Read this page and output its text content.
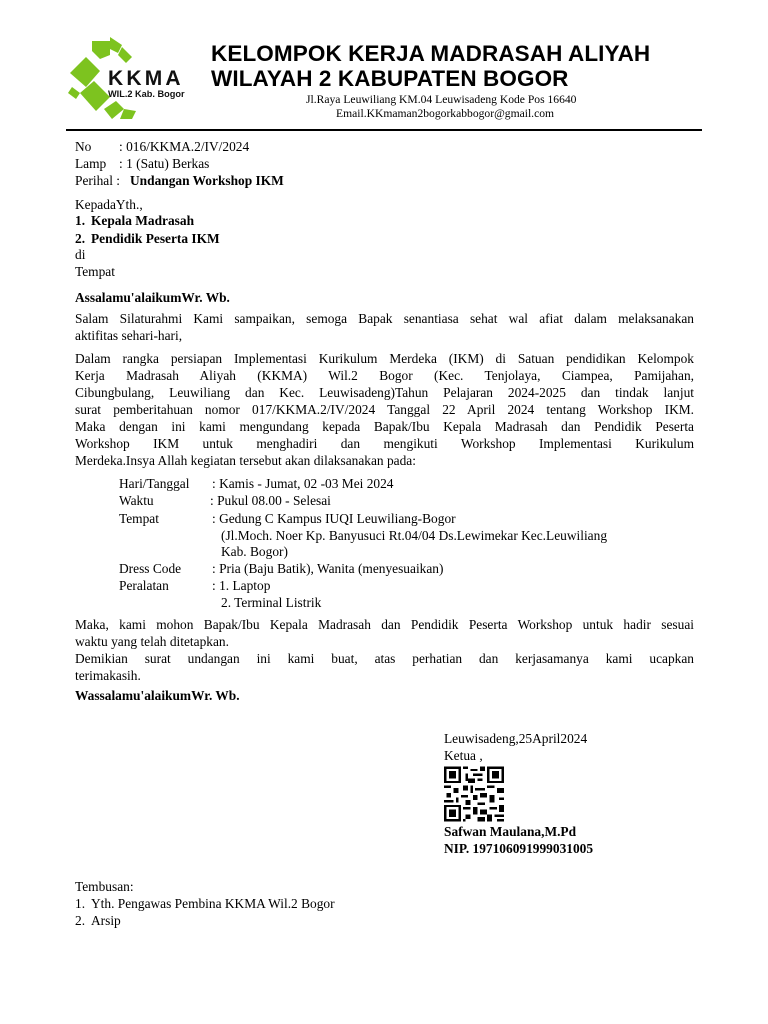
KKMA
WIL.2 Kab. Bogor
KELOMPOK KERJA MADRASAH ALIYAH
WILAYAH 2 KABUPATEN BOGOR
Jl.Raya Leuwiliang KM.04 Leuwisadeng Kode Pos 16640
Email.KKmaman2bogorkabbogor@gmail.com
No : 016/KKMA.2/IV/2024
Lamp : 1 (Satu) Berkas
Perihal : Undangan Workshop IKM
KepadaYth.,
1. Kepala Madrasah
2. Pendidik Peserta IKM
di
Tempat
Assalamu'alaikumWr. Wb.
Salam Silaturahmi Kami sampaikan, semoga Bapak senantiasa sehat wal afiat dalam melaksanakan
aktifitas sehari-hari,
Dalam rangka persiapan Implementasi Kurikulum Merdeka (IKM) di Satuan pendidikan Kelompok
Kerja Madrasah Aliyah (KKMA) Wil.2 Bogor (Kec. Tenjolaya, Ciampea, Pamijahan,
Cibungbulang, Leuwiliang dan Kec. Leuwisadeng)Tahun Pelajaran 2024-2025 dan tindak lanjut
surat pemberitahuan nomor 017/KKMA.2/IV/2024 Tanggal 22 April 2024 tentang Workshop IKM.
Maka dengan ini kami mengundang kepada Bapak/Ibu Kepala Madrasah dan Pendidik Peserta
Workshop IKM untuk menghadiri dan mengikuti Workshop Implementasi Kurikulum
Merdeka.Insya Allah kegiatan tersebut akan dilaksanakan pada:
Hari/Tanggal : Kamis - Jumat, 02 -03 Mei 2024
Waktu	: Pukul 08.00 - Selesai
Tempat	: Gedung C Kampus IUQI Leuwiliang-Bogor
(Jl.Moch. Noer Kp. Banyusuci Rt.04/04 Ds.Lewimekar Kec.Leuwiliang
Kab. Bogor)
Dress Code : Pria (Baju Batik), Wanita (menyesuaikan)
Peralatan	: 1. Laptop
2. Terminal Listrik
Maka, kami mohon Bapak/Ibu Kepala Madrasah dan Pendidik Peserta Workshop untuk hadir sesuai
waktu yang telah ditetapkan.
Demikian surat undangan ini kami buat, atas perhatian dan kerjasamanya kami ucapkan
terimakasih.
Wassalamu'alaikumWr. Wb.
Leuwisadeng,25April2024
Ketua ,
Safwan Maulana,M.Pd
NIP. 197106091999031005
Tembusan:
1. Yth. Pengawas Pembina KKMA Wil.2 Bogor
2. Arsip
